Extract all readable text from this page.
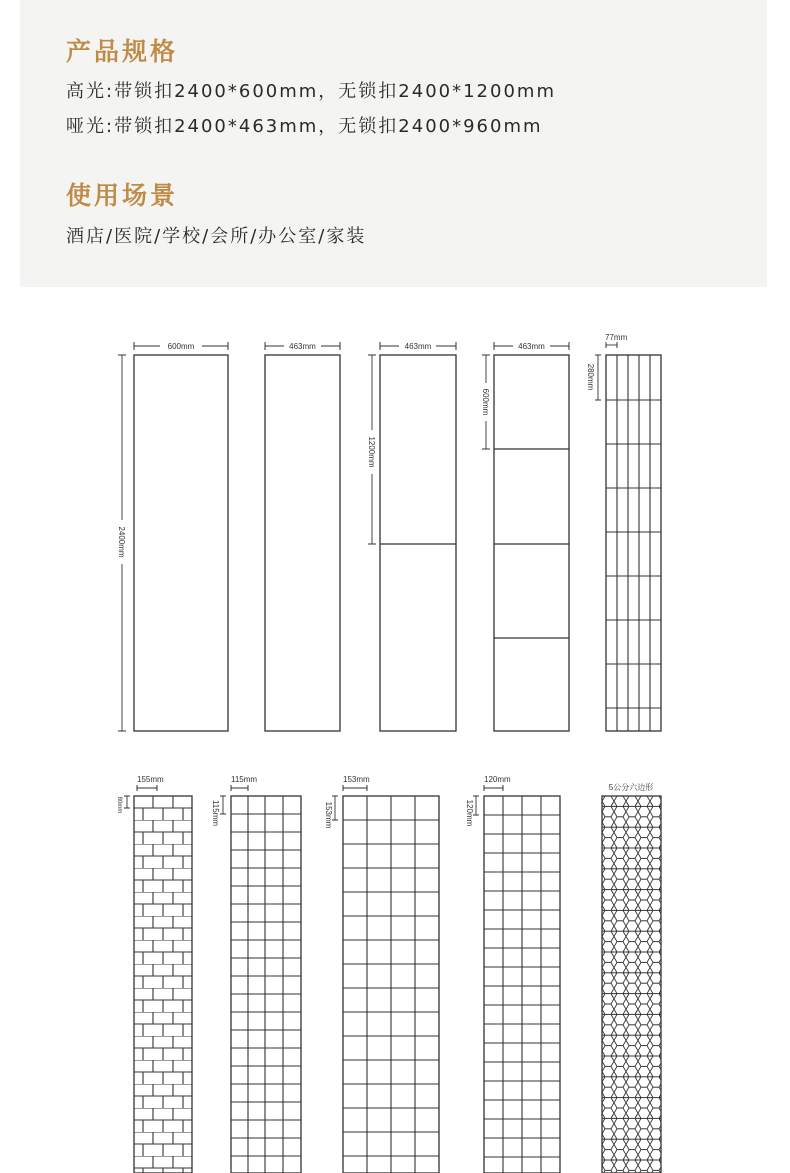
产品规格

高光:带锁扣2400*600mm，无锁扣2400*1200mm

哑光:带锁扣2400*463mm，无锁扣2400*960mm

使用场景

酒店/医院/学校/会所/办公室/家装

600mm
2400mm
463mm	463mm
1200mm
463mm
600mm
77mm
280mm
155mm
80mm
115mm
115mm
153mm
153mm
120mm
120mm
5公分六边形
